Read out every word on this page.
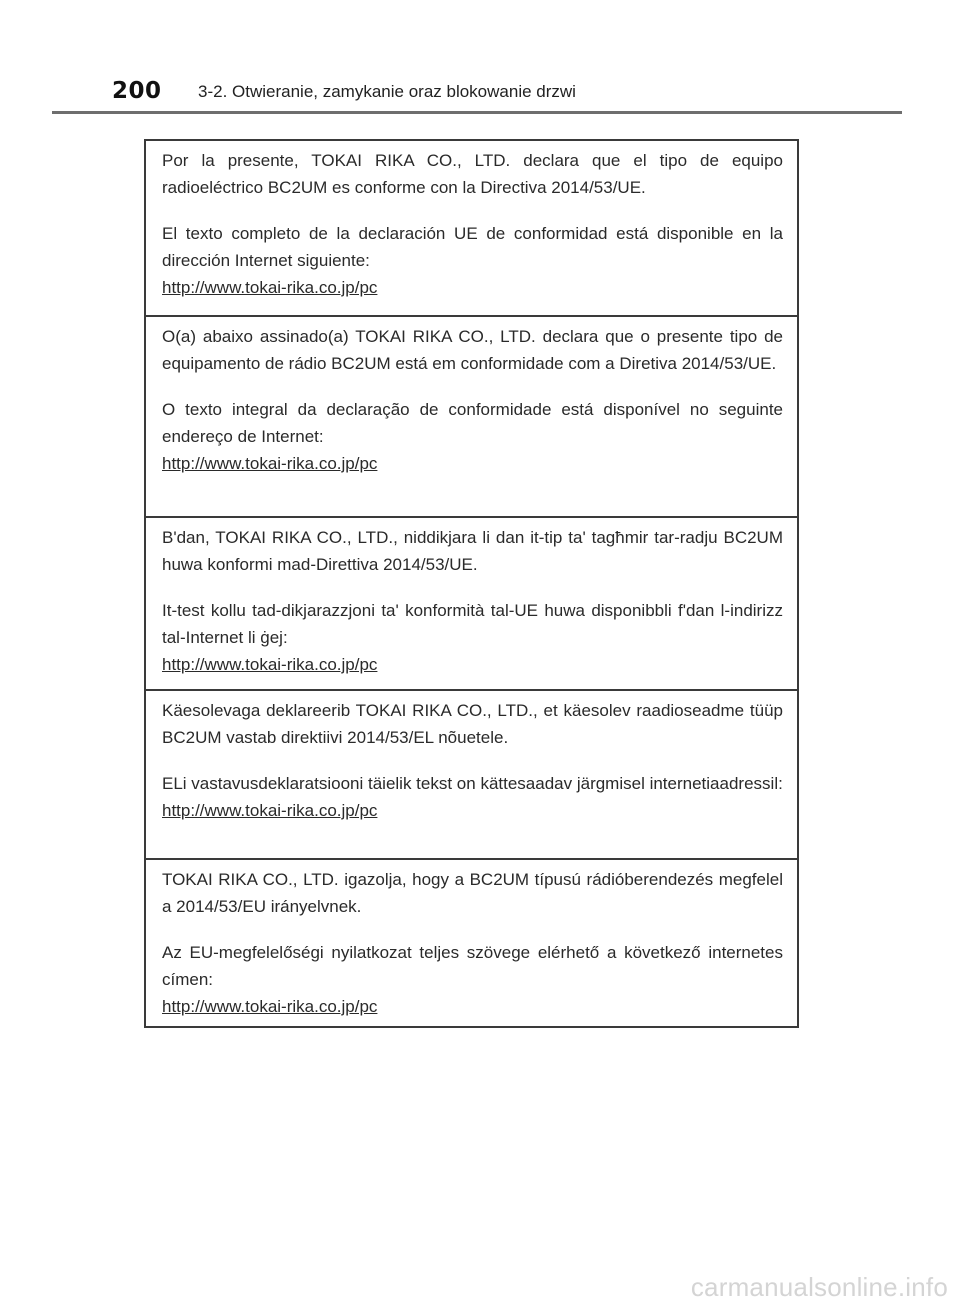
200 3-2. Otwieranie, zamykanie oraz blokowanie drzwi

Por la presente, TOKAI RIKA CO., LTD. declara que el tipo de equipo radioeléctrico BC2UM es conforme con la Directiva 2014/53/UE.

El texto completo de la declaración UE de conformidad está disponible en la dirección Internet siguiente:

http://www.tokai-rika.co.jp/pc

O(a) abaixo assinado(a) TOKAI RIKA CO., LTD. declara que o presente tipo de equipamento de rádio BC2UM está em conformidade com a Diretiva 2014/53/UE.

O texto integral da declaração de conformidade está disponível no seguinte endereço de Internet:

http://www.tokai-rika.co.jp/pc

B'dan, TOKAI RIKA CO., LTD., niddikjara li dan it-tip ta' tagħmir tar-radju BC2UM huwa konformi mad-Direttiva 2014/53/UE.

It-test kollu tad-dikjarazzjoni ta' konformità tal-UE huwa disponibbli f'dan l-indirizz tal-Internet li ġej:

http://www.tokai-rika.co.jp/pc

Käesolevaga deklareerib TOKAI RIKA CO., LTD., et käesolev raadioseadme tüüp BC2UM vastab direktiivi 2014/53/EL nõuetele.

ELi vastavusdeklaratsiooni täielik tekst on kättesaadav järgmisel internetiaadressil:

http://www.tokai-rika.co.jp/pc

TOKAI RIKA CO., LTD. igazolja, hogy a BC2UM típusú rádióberendezés megfelel a 2014/53/EU irányelvnek.

Az EU-megfelelőségi nyilatkozat teljes szövege elérhető a következő internetes címen:

http://www.tokai-rika.co.jp/pc
carmanualsonline.info
